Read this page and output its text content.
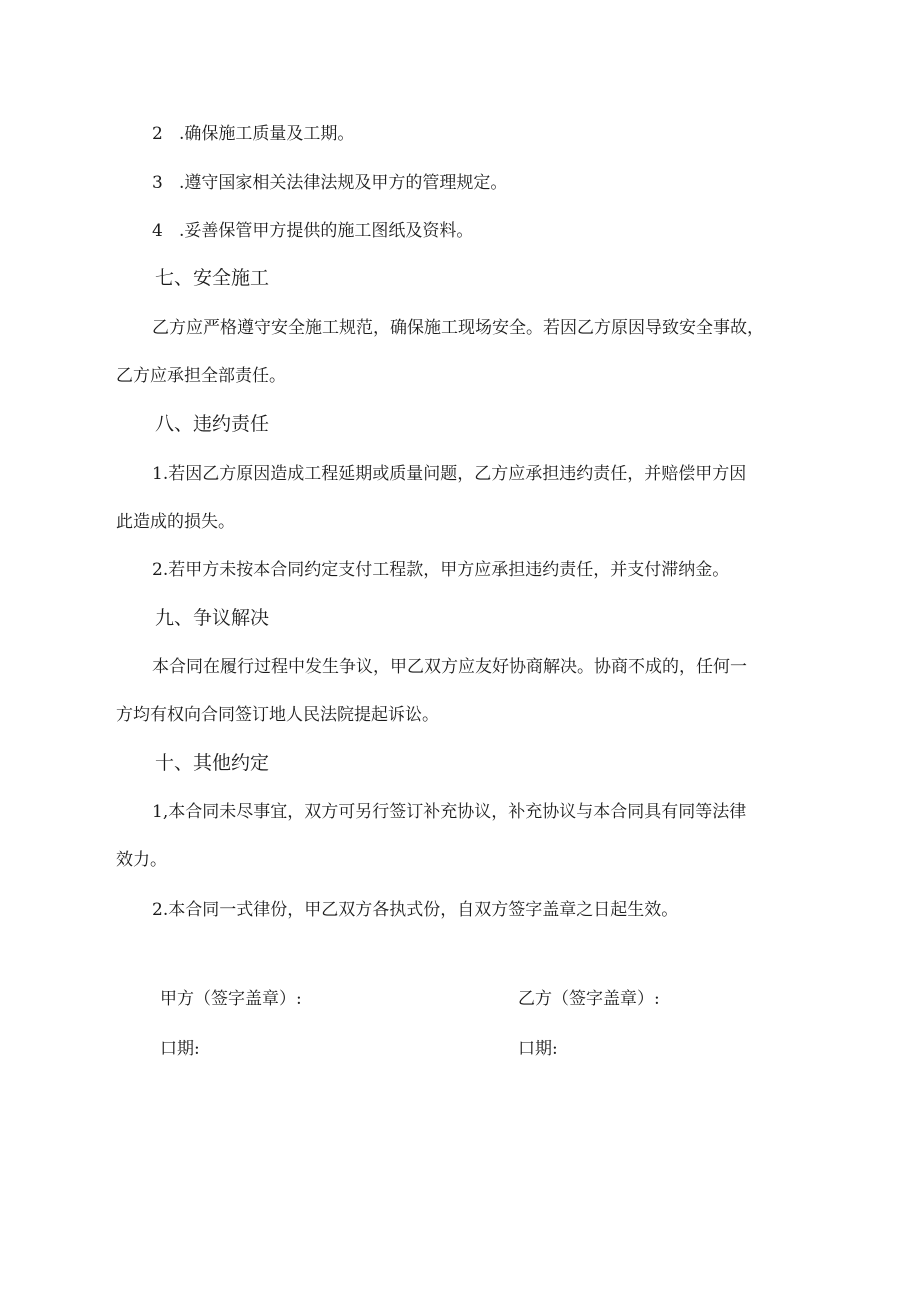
2 .确保施工质量及工期。
3 .遵守国家相关法律法规及甲方的管理规定。
4 .妥善保管甲方提供的施工图纸及资料。
七、安全施工
乙方应严格遵守安全施工规范，确保施工现场安全。若因乙方原因导致安全事故，
乙方应承担全部责任。
八、违约责任
1.若因乙方原因造成工程延期或质量问题，乙方应承担违约责任，并赔偿甲方因
此造成的损失。
2.若甲方未按本合同约定支付工程款，甲方应承担违约责任，并支付滞纳金。
九、争议解决
本合同在履行过程中发生争议，甲乙双方应友好协商解决。协商不成的，任何一
方均有权向合同签订地人民法院提起诉讼。
十、其他约定
1,本合同未尽事宜，双方可另行签订补充协议，补充协议与本合同具有同等法律
效力。
2.本合同一式律份，甲乙双方各执式份，自双方签字盖章之日起生效。
甲方（签字盖章）:	乙方（签字盖章）:
口期:	口期:
